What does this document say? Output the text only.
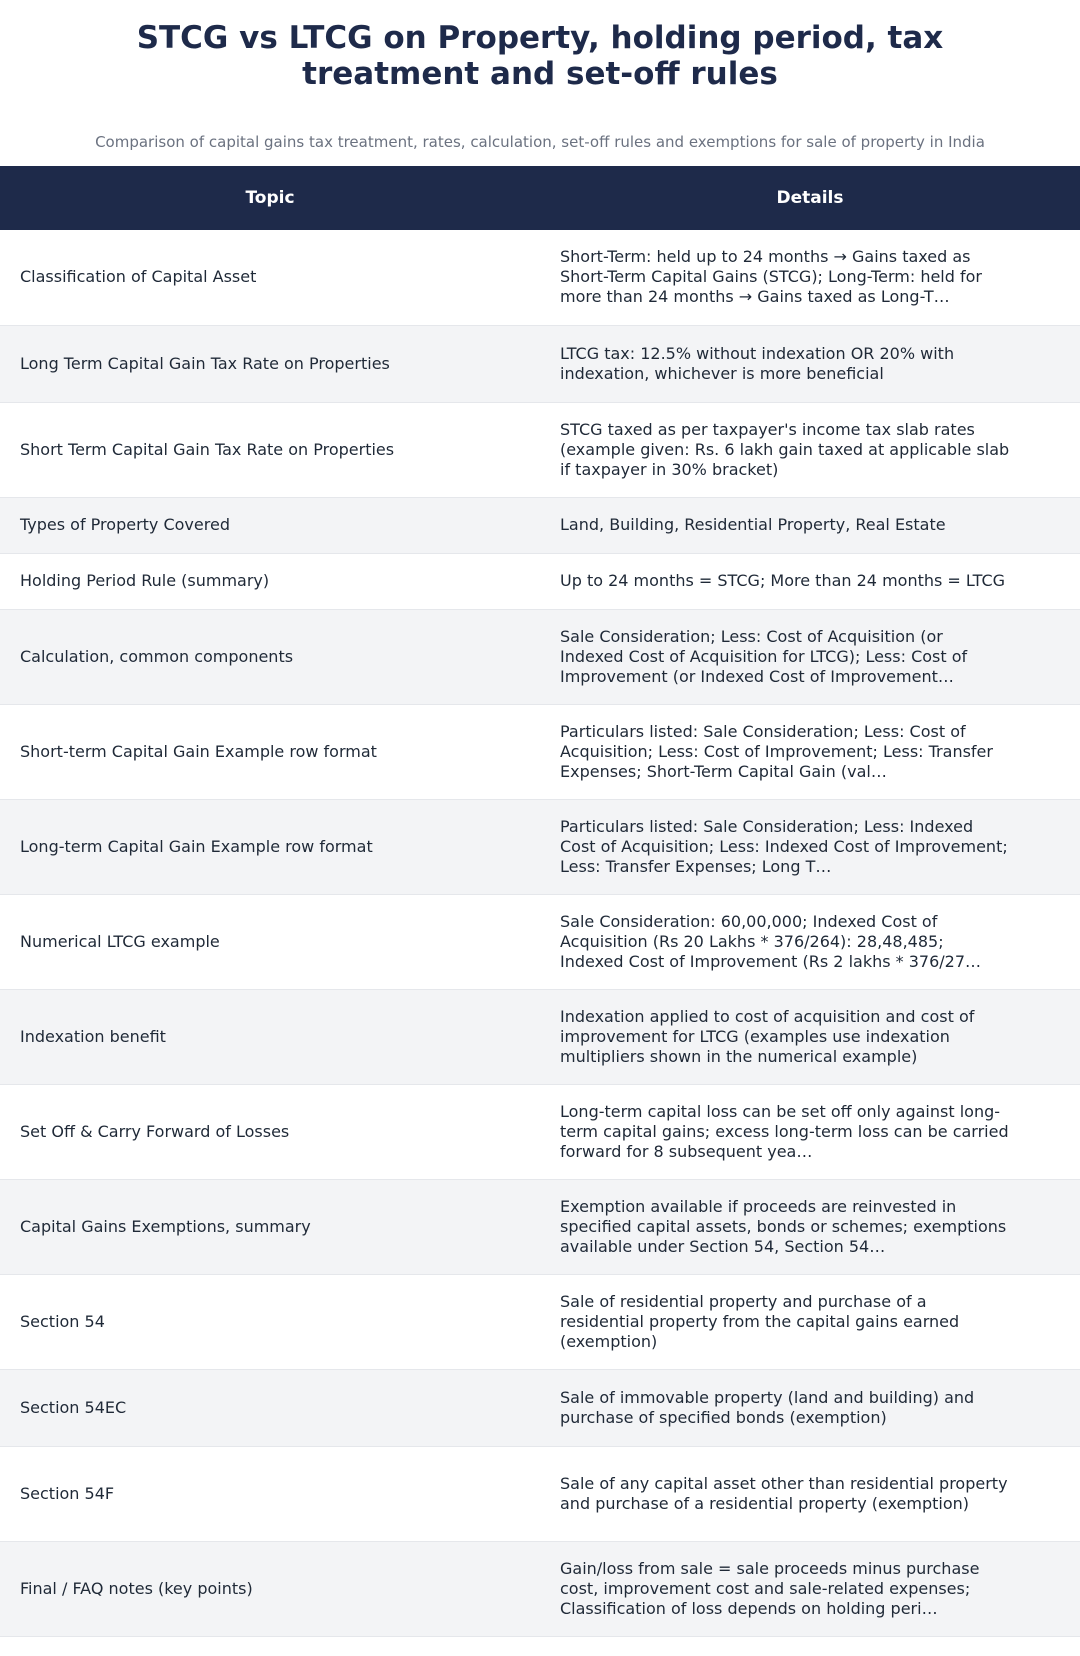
STCG vs LTCG on Property, holding period, tax treatment and set-off rules

Comparison of capital gains tax treatment, rates, calculation, set-off rules and exemptions for sale of property in India

Topic	Details
Classification of Capital Asset	Short-Term: held up to 24 months → Gains taxed as Short-Term Capital Gains (STCG); Long-Term: held for more than 24 months → Gains taxed as Long-T…

Long Term Capital Gain Tax Rate on Properties	LTCG tax: 12.5% without indexation OR 20% with indexation, whichever is more beneficial

Short Term Capital Gain Tax Rate on Properties	STCG taxed as per taxpayer's income tax slab rates (example given: Rs. 6 lakh gain taxed at applicable slab if taxpayer in 30% bracket)

Types of Property Covered	Land, Building, Residential Property, Real Estate

Holding Period Rule (summary)	Up to 24 months = STCG; More than 24 months = LTCG

Calculation, common components	Sale Consideration; Less: Cost of Acquisition (or Indexed Cost of Acquisition for LTCG); Less: Cost of Improvement (or Indexed Cost of Improvement…

Short-term Capital Gain Example row format	Particulars listed: Sale Consideration; Less: Cost of Acquisition; Less: Cost of Improvement; Less: Transfer Expenses; Short-Term Capital Gain (val…

Long-term Capital Gain Example row format	Particulars listed: Sale Consideration; Less: Indexed Cost of Acquisition; Less: Indexed Cost of Improvement; Less: Transfer Expenses; Long T…

Numerical LTCG example	Sale Consideration: 60,00,000; Indexed Cost of Acquisition (Rs 20 Lakhs * 376/264): 28,48,485; Indexed Cost of Improvement (Rs 2 lakhs * 376/27…

Indexation benefit	Indexation applied to cost of acquisition and cost of improvement for LTCG (examples use indexation multipliers shown in the numerical example)

Set Off & Carry Forward of Losses	Long-term capital loss can be set off only against long-term capital gains; excess long-term loss can be carried forward for 8 subsequent yea…

Capital Gains Exemptions, summary	Exemption available if proceeds are reinvested in specified capital assets, bonds or schemes; exemptions available under Section 54, Section 54…

Section 54	Sale of residential property and purchase of a residential property from the capital gains earned (exemption)

Section 54EC	Sale of immovable property (land and building) and purchase of specified bonds (exemption)

Section 54F	Sale of any capital asset other than residential property and purchase of a residential property (exemption)

Final / FAQ notes (key points)	Gain/loss from sale = sale proceeds minus purchase cost, improvement cost and sale-related expenses; Classification of loss depends on holding peri…
